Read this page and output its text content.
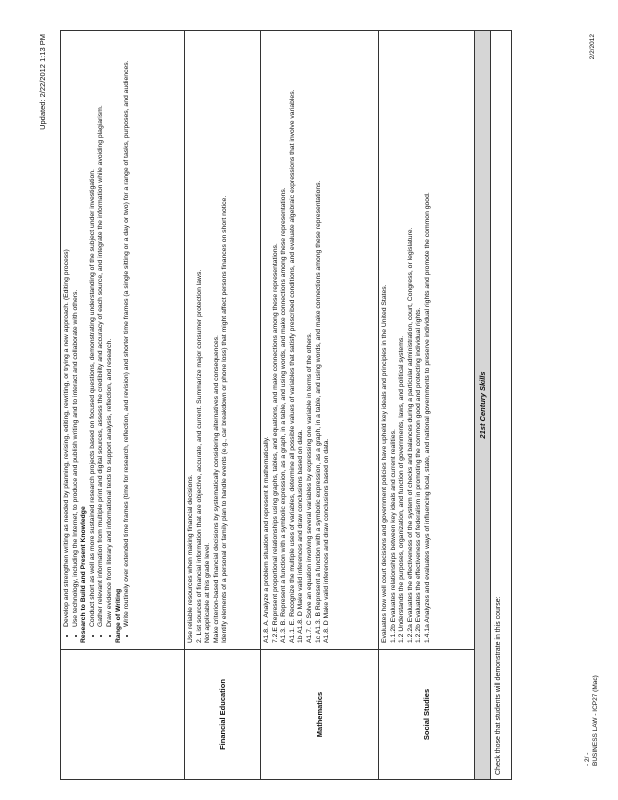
Updated: 2/22/2012 1:13 PM
• Develop and strengthen writing as needed by planning, revising, editing, rewriting, or trying a new approach. (Editing process) • Use technology, including the Internet, to produce and publish writing and to interact and collaborate with others. Research to Build and Present Knowledge • Conduct short as well as more sustained research projects based on focused questions, demonstrating understanding of the subject under investigation. • Gather relevant information from multiple print and digital sources, assess the credibility and accuracy of each source, and integrate the information while avoiding plagiarism. • Draw evidence from literary and informational texts to support analysis, reflection, and research. Range of Writing • Write routinely over extended time frames (time for research, reflection, and revision) and shorter time frames (a single sitting or a day or two) for a range of tasks, purposes, and audiences.
Financial Education

Use reliable resources when making financial decisions. 2. List sources of financial information that are objective, accurate, and current. Summarize major consumer protection laws. Not applicable at this grade level. Make criterion-based financial decisions by systematically considering alternatives and consequences. Identify elements of a personal or family plan to handle events (e.g., car breakdown or phone loss) that might affect persons finances on short notice.

Mathematics

A1.8. A. Analyze a problem situation and represent it mathematically. 7.2.E Represent proportional relationships using graphs, tables, and equations, and make connections among these representations. A1.3. B. Represent a function with a symbolic expression, as a graph, in a table, and using words, and make connections among these representations. A1.1. E. Recognize the multiple uses of variables, determine all possible values of variables that satisfy prescribed conditions, and evaluate algebraic expressions that involve variables. 1b A1.8. D Make valid inferences and draw conclusions based on data. A1.7. C Solve an equation involving several variables by expressing one variable in terms of the others. 1c A1.3. B Represent a function with a symbolic expression, as a graph, in a table, and using words, and make connections among these representations. A1.8. D Make valid inferences and draw conclusions based on data.

Social Studies

Evaluates how well court decisions and government policies have upheld key ideals and principles in the United States. 1.1.2b Evaluates relationships between key ideals and current realities. 1.2 Understands the purposes, organization, and function of governments, laws, and political systems. 1.2.2a Evaluates the effectiveness of the system of checks and balances during a particular administration, court, Congress, or legislature. 1.2.2b Evaluates the effectiveness of federalism in promoting the common good and protecting individual rights. 1.4.1a Analyzes and evaluates ways of influencing local, state, and national governments to preserve individual rights and promote the common good.	21st Century Skills
Check those that students will demonstrate in this course:	- 2/ - BUSINESS LAW - ICP27 (Mac)
2/2/2012
